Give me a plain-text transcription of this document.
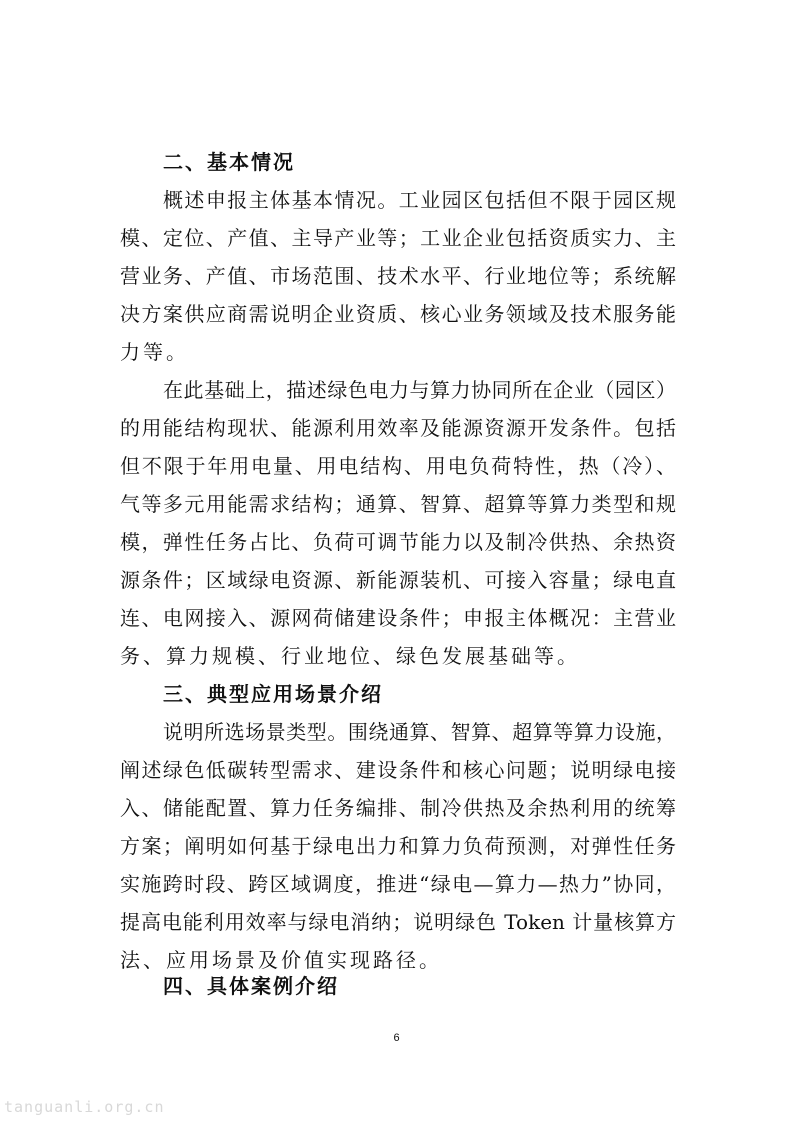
二、基本情况
概述申报主体基本情况。工业园区包括但不限于园区规
模、定位、产值、主导产业等；工业企业包括资质实力、主
营业务、产值、市场范围、技术水平、行业地位等；系统解
决方案供应商需说明企业资质、核心业务领域及技术服务能
力等。
在此基础上，描述绿色电力与算力协同所在企业（园区）
的用能结构现状、能源利用效率及能源资源开发条件。包括
但不限于年用电量、用电结构、用电负荷特性，热（冷）、
气等多元用能需求结构；通算、智算、超算等算力类型和规
模，弹性任务占比、负荷可调节能力以及制冷供热、余热资
源条件；区域绿电资源、新能源装机、可接入容量；绿电直
连、电网接入、源网荷储建设条件；申报主体概况：主营业
务、算力规模、行业地位、绿色发展基础等。
三、典型应用场景介绍
说明所选场景类型。围绕通算、智算、超算等算力设施，
阐述绿色低碳转型需求、建设条件和核心问题；说明绿电接
入、储能配置、算力任务编排、制冷供热及余热利用的统筹
方案；阐明如何基于绿电出力和算力负荷预测，对弹性任务
实施跨时段、跨区域调度，推进“绿电—算力—热力”协同，
提高电能利用效率与绿电消纳；说明绿色 Token 计量核算方
法、应用场景及价值实现路径。
四、具体案例介绍
6
tanguanli.org.cn
